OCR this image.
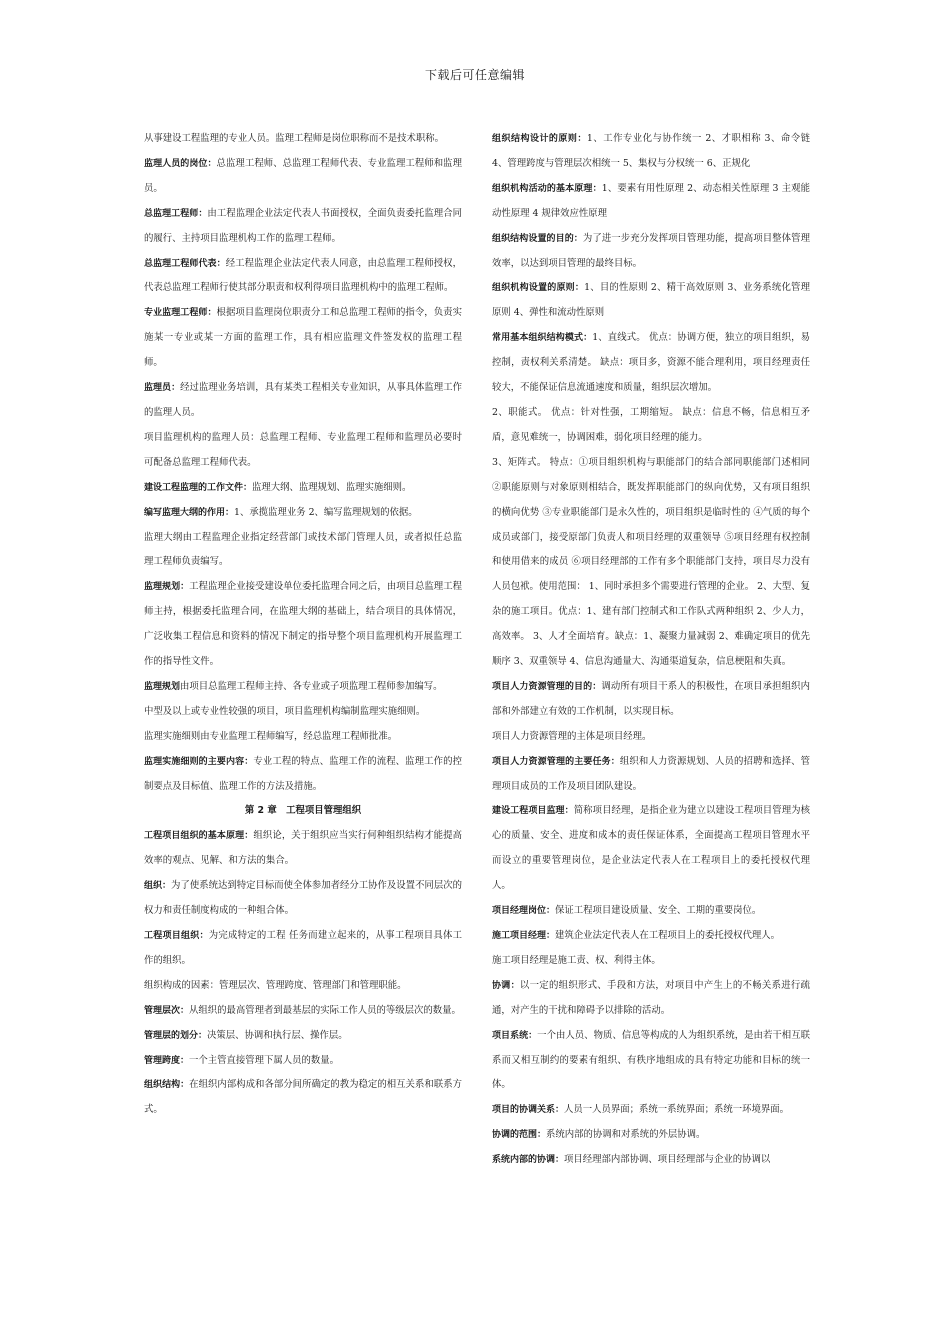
下载后可任意编辑

从事建设工程监理的专业人员。监理工程师是岗位职称而不是技术职称。

监理人员的岗位：总监理工程师、总监理工程师代表、专业监理工程师和监理员。

总监理工程师：由工程监理企业法定代表人书面授权，全面负责委托监理合同的履行、主持项目监理机构工作的监理工程师。

总监理工程师代表：经工程监理企业法定代表人同意，由总监理工程师授权，代表总监理工程师行使其部分职责和权利得项目监理机构中的监理工程师。

专业监理工程师：根据项目监理岗位职责分工和总监理工程师的指令，负责实施某一专业或某一方面的监理工作，具有相应监理文件签发权的监理工程师。

监理员：经过监理业务培训，具有某类工程相关专业知识，从事具体监理工作的监理人员。

项目监理机构的监理人员：总监理工程师、专业监理工程师和监理员必要时可配备总监理工程师代表。

建设工程监理的工作文件：监理大纲、监理规划、监理实施细则。

编写监理大纲的作用：1、承揽监理业务 2、编写监理规划的依据。

监理大纲由工程监理企业指定经营部门或技术部门管理人员，或者拟任总监理工程师负责编写。

监理规划：工程监理企业接受建设单位委托监理合同之后，由项目总监理工程师主持，根据委托监理合同，在监理大纲的基础上，结合项目的具体情况，广泛收集工程信息和资料的情况下制定的指导整个项目监理机构开展监理工作的指导性文件。

监理规划由项目总监理工程师主持、各专业或子项监理工程师参加编写。

中型及以上或专业性较强的项目，项目监理机构编制监理实施细则。

监理实施细则由专业监理工程师编写，经总监理工程师批准。

监理实施细则的主要内容：专业工程的特点、监理工作的流程、监理工作的控制要点及目标值、监理工作的方法及措施。

第 2 章　工程项目管理组织

工程项目组织的基本原理：组织论，关于组织应当实行何种组织结构才能提高效率的观点、见解、和方法的集合。

组织：为了使系统达到特定目标而使全体参加者经分工协作及设置不同层次的权力和责任制度构成的一种组合体。

工程项目组织：为完成特定的工程 任务而建立起来的，从事工程项目具体工作的组织。

组织构成的因素：管理层次、管理跨度、管理部门和管理职能。

管理层次：从组织的最高管理者到最基层的实际工作人员的等级层次的数量。

管理层的划分：决策层、协调和执行层、操作层。

管理跨度：一个主管直接管理下属人员的数量。

组织结构：在组织内部构成和各部分间所确定的教为稳定的相互关系和联系方式。

组织结构设计的原则：1、工作专业化与协作统一 2、才职相称 3、命令链 4、管理跨度与管理层次相统一 5、集权与分权统一 6、正规化

组织机构活动的基本原理：1、要素有用性原理 2、动态相关性原理 3 主观能动性原理 4 规律效应性原理

组织结构设置的目的：为了进一步充分发挥项目管理功能，提高项目整体管理效率，以达到项目管理的最终目标。

组织机构设置的原则：1、目的性原则 2、精干高效原则 3、业务系统化管理原则 4、弹性和流动性原则

常用基本组织结构模式：1、直线式。 优点：协调方便，独立的项目组织，易控制，责权利关系清楚。 缺点：项目多，资源不能合理利用，项目经理责任较大，不能保证信息流通速度和质量，组织层次增加。

2、职能式。 优点：针对性强，工期缩短。 缺点：信息不畅，信息相互矛盾，意见难统一，协调困难，弱化项目经理的能力。

3、矩阵式。 特点：①项目组织机构与职能部门的结合部同职能部门述相同 ②职能原则与对象原则相结合，既发挥职能部门的纵向优势，又有项目组织的横向优势 ③专业职能部门是永久性的，项目组织是临时性的 ④气质的每个成员或部门，接受原部门负责人和项目经理的双重领导 ⑤项目经理有权控制和使用借来的成员 ⑥项目经理部的工作有多个职能部门支持，项目尽力没有人员包袱。使用范围： 1、同时承担多个需要进行管理的企业。 2、大型、复杂的施工项目。优点：1、建有部门控制式和工作队式两种组织 2、少人力，高效率。 3、人才全面培育。缺点：1、凝聚力量减弱 2、难确定项目的优先顺序 3、双重领导 4、信息沟通量大、沟通渠道复杂，信息梗阻和失真。

项目人力资源管理的目的：调动所有项目干系人的积极性，在项目承担组织内部和外部建立有效的工作机制，以实现目标。

项目人力资源管理的主体是项目经理。

项目人力资源管理的主要任务：组织和人力资源规划、人员的招聘和选择、管理项目成员的工作及项目团队建设。

建设工程项目监理：简称项目经理，是指企业为建立以建设工程项目管理为核心的质量、安全、进度和成本的责任保证体系，全面提高工程项目管理水平而设立的重要管理岗位，是企业法定代表人在工程项目上的委托授权代理人。

项目经理岗位：保证工程项目建设质量、安全、工期的重要岗位。

施工项目经理：建筑企业法定代表人在工程项目上的委托授权代理人。

施工项目经理是施工责、权、利得主体。

协调：以一定的组织形式、手段和方法，对项目中产生上的不畅关系进行疏通，对产生的干扰和障碍予以排除的活动。

项目系统：一个由人员、物质、信息等构成的人为组织系统，是由若干相互联系而又相互制约的要素有组织、有秩序地组成的具有特定功能和目标的统一体。

项目的协调关系：人员一人员界面；系统一系统界面；系统一环境界面。

协调的范围：系统内部的协调和对系统的外层协调。

系统内部的协调：项目经理部内部协调、项目经理部与企业的协调以
